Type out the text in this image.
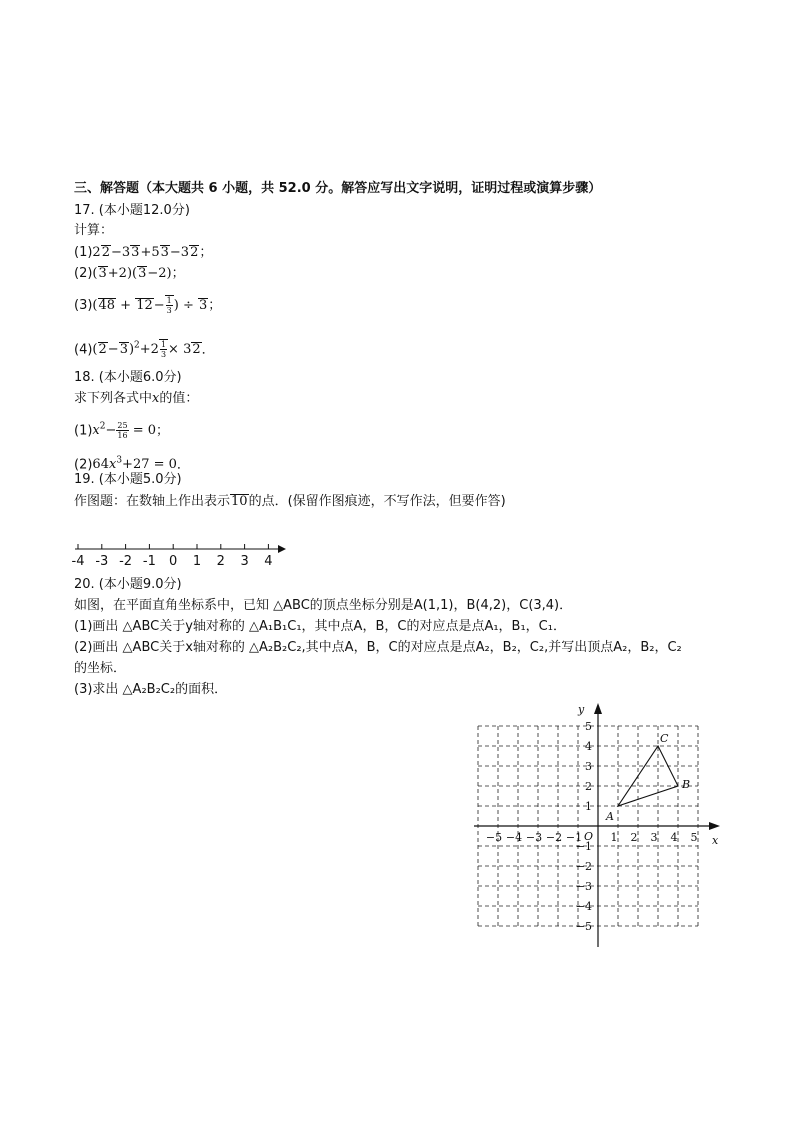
三、解答题（本大题共 6 小题，共 52.0 分。解答应写出文字说明，证明过程或演算步骤）
17. (本小题12.0分)
计算：
(1)22−33+53−32；
(2)(3+2)(3−2)；
$(3)(48 + 12- \frac{1}{3}$ ) ÷ 3；
$(4)(2-3)^2+2 \frac{1}{3} \times 32$．
18. (本小题6.0分)
求下列各式中x的值：
$(1)x^2- \frac{25}{16} = 0$；
$(2)64x^3+27 = 0$．
19. (本小题5.0分)
作图题：在数轴上作出表示10的点．(保留作图痕迹，不写作法，但要作答)
-4 -3 -2 -1 0 1 2 3 4
20. (本小题9.0分)
如图，在平面直角坐标系中，已知 △ABC的顶点坐标分别是A(1,1)，B(4,2)，C(3,4)．
(1)画出 △ABC关于y轴对称的 △A₁B₁C₁，其中点A，B，C的对应点是点A₁，B₁，C₁．
(2)画出 △ABC关于x轴对称的 △A₂B₂C₂,其中点A，B，C的对应点是点A₂，B₂，C₂,并写出顶点A₂，B₂，C₂
的坐标．
(3)求出 △A₂B₂C₂的面积．
x
y
O
−5 −4 −3 −2 −1	1 2 3 4 5
5
4
3
2
1
−1
−2
−3
−4
−5
A
B
C
